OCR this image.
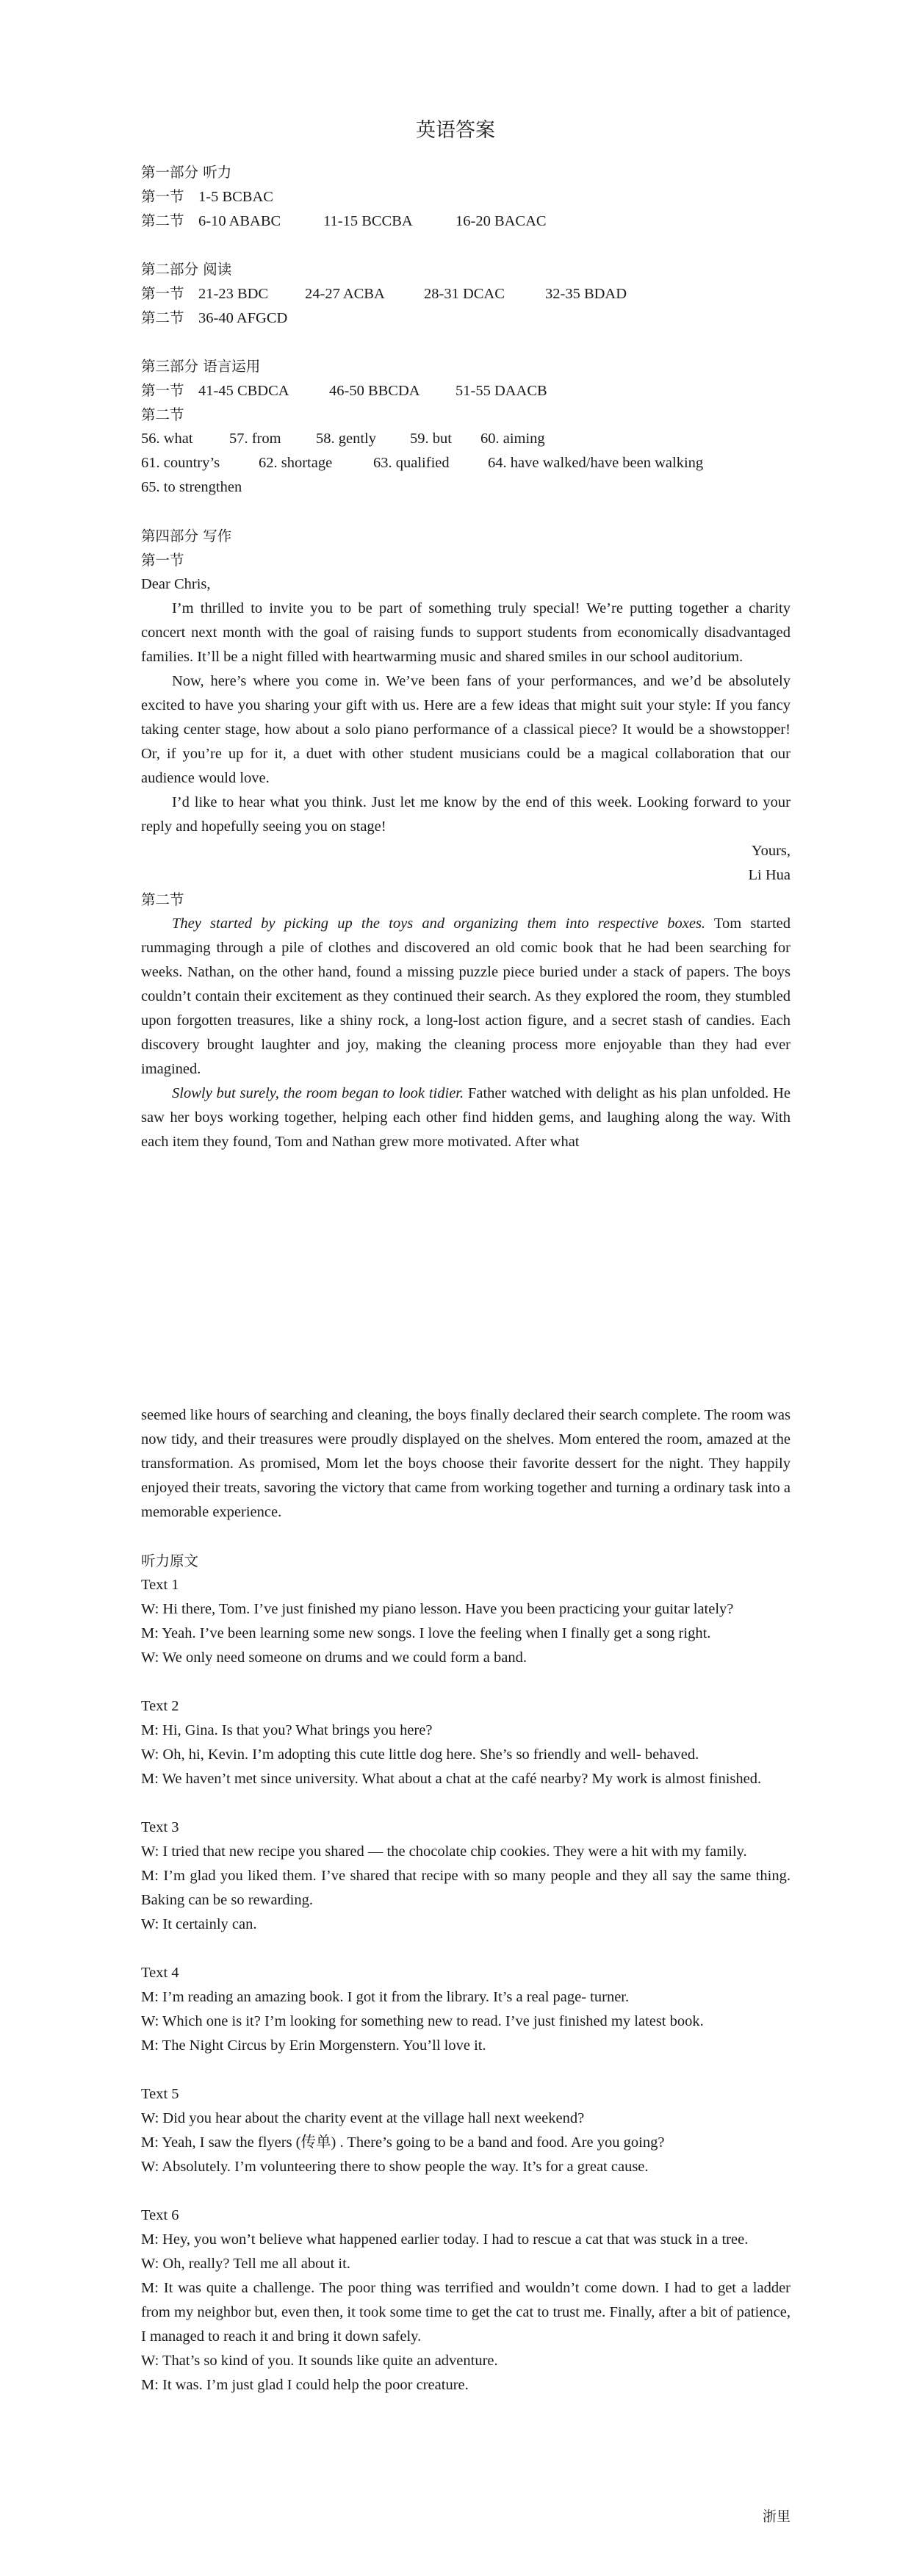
英语答案
第一部分 听力
第一节 1-5 BCBAC
第二节 6-10 ABABC	11-15 BCCBA	16-20 BACAC
第二部分 阅读
第一节 21-23 BDC 24-27 ACBA	28-31 DCAC	32-35 BDAD
第二节 36-40 AFGCD
第三部分 语言运用
第一节 41-45 CBDCA	46-50 BBCDA 51-55 DAACB
第二节
56. what 57. from 58. gently 59. but 60. aiming
61. country’s	62. shortage	63. qualified	64. have walked/have been walking
65. to strengthen
第四部分 写作
第一节
Dear Chris,
I’m thrilled to invite you to be part of something truly special! We’re putting together a charity concert next month with the goal of raising funds to support students from economically disadvantaged families. It’ll be a night filled with heartwarming music and shared smiles in our school auditorium.
Now, here’s where you come in. We’ve been fans of your performances, and we’d be absolutely excited to have you sharing your gift with us. Here are a few ideas that might suit your style: If you fancy taking center stage, how about a solo piano performance of a classical piece? It would be a showstopper! Or, if you’re up for it, a duet with other student musicians could be a magical collaboration that our audience would love.
I’d like to hear what you think. Just let me know by the end of this week. Looking forward to your reply and hopefully seeing you on stage!
Yours,
Li Hua
第二节
They started by picking up the toys and organizing them into respective boxes. Tom started rummaging through a pile of clothes and discovered an old comic book that he had been searching for weeks. Nathan, on the other hand, found a missing puzzle piece buried under a stack of papers. The boys couldn’t contain their excitement as they continued their search. As they explored the room, they stumbled upon forgotten treasures, like a shiny rock, a long-lost action figure, and a secret stash of candies. Each discovery brought laughter and joy, making the cleaning process more enjoyable than they had ever imagined.
Slowly but surely, the room began to look tidier. Father watched with delight as his plan unfolded. He saw her boys working together, helping each other find hidden gems, and laughing along the way. With each item they found, Tom and Nathan grew more motivated. After what
seemed like hours of searching and cleaning, the boys finally declared their search complete. The room was now tidy, and their treasures were proudly displayed on the shelves. Mom entered the room, amazed at the transformation. As promised, Mom let the boys choose their favorite dessert for the night. They happily enjoyed their treats, savoring the victory that came from working together and turning a ordinary task into a memorable experience.
听力原文
Text 1
W: Hi there, Tom. I’ve just finished my piano lesson. Have you been practicing your guitar lately?
M: Yeah. I’ve been learning some new songs. I love the feeling when I finally get a song right.
W: We only need someone on drums and we could form a band.
Text 2
M: Hi, Gina. Is that you? What brings you here?
W: Oh, hi, Kevin. I’m adopting this cute little dog here. She’s so friendly and well- behaved.
M: We haven’t met since university. What about a chat at the café nearby? My work is almost finished.
Text 3
W: I tried that new recipe you shared — the chocolate chip cookies. They were a hit with my family.
M: I’m glad you liked them. I’ve shared that recipe with so many people and they all say the same thing. Baking can be so rewarding.
W: It certainly can.
Text 4
M: I’m reading an amazing book. I got it from the library. It’s a real page- turner.
W: Which one is it? I’m looking for something new to read. I’ve just finished my latest book.
M: The Night Circus by Erin Morgenstern. You’ll love it.
Text 5
W: Did you hear about the charity event at the village hall next weekend?
M: Yeah, I saw the flyers (传单) . There’s going to be a band and food. Are you going?
W: Absolutely. I’m volunteering there to show people the way. It’s for a great cause.
Text 6
M: Hey, you won’t believe what happened earlier today. I had to rescue a cat that was stuck in a tree.
W: Oh, really? Tell me all about it.
M: It was quite a challenge. The poor thing was terrified and wouldn’t come down. I had to get a ladder from my neighbor but, even then, it took some time to get the cat to trust me. Finally, after a bit of patience, I managed to reach it and bring it down safely.
W: That’s so kind of you. It sounds like quite an adventure.
M: It was. I’m just glad I could help the poor creature.
浙里
